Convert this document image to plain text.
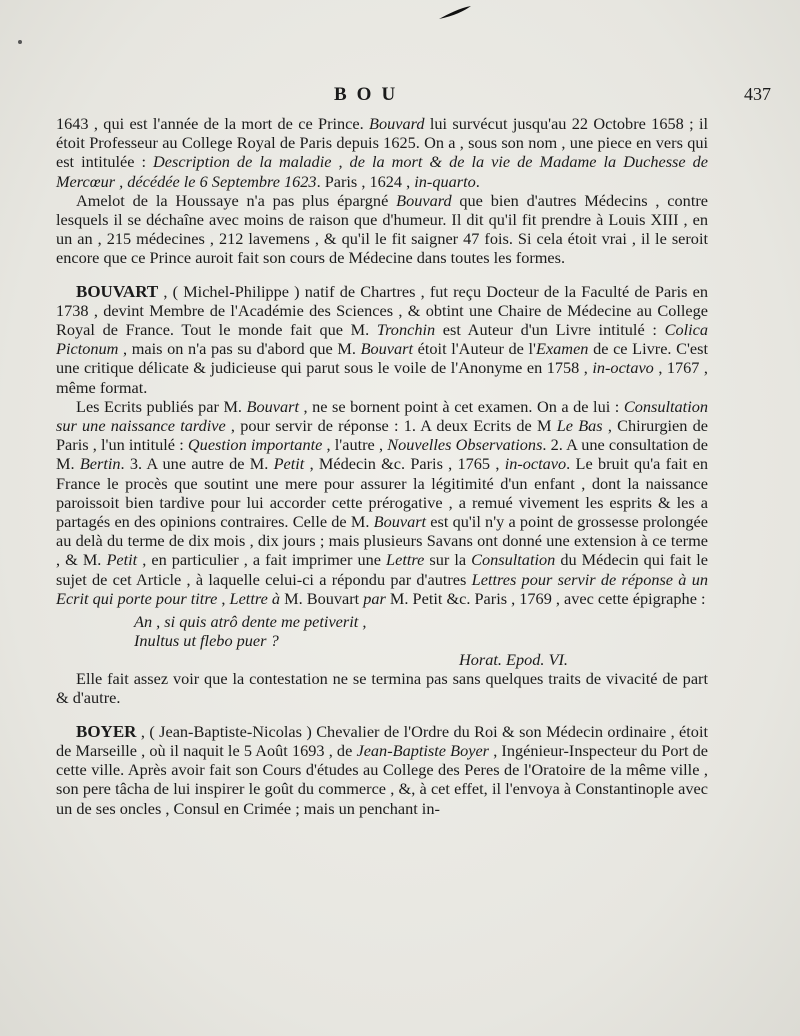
BOU	437

1643 , qui est l'année de la mort de ce Prince. Bouvard lui survécut jusqu'au 22 Octobre 1658 ; il étoit Professeur au College Royal de Paris depuis 1625. On a , sous son nom , une piece en vers qui est intitulée : Description de la maladie , de la mort & de la vie de Madame la Duchesse de Mercœur , décédée le 6 Septembre 1623. Paris , 1624 , in-quarto.

Amelot de la Houssaye n'a pas plus épargné Bouvard que bien d'autres Médecins , contre lesquels il se déchaîne avec moins de raison que d'humeur. Il dit qu'il fit prendre à Louis XIII , en un an , 215 médecines , 212 lavemens , & qu'il le fit saigner 47 fois. Si cela étoit vrai , il le seroit encore que ce Prince auroit fait son cours de Médecine dans toutes les formes.

BOUVART , ( Michel-Philippe ) natif de Chartres , fut reçu Docteur de la Faculté de Paris en 1738 , devint Membre de l'Académie des Sciences , & obtint une Chaire de Médecine au College Royal de France. Tout le monde fait que M. Tronchin est Auteur d'un Livre intitulé : Colica Pictonum , mais on n'a pas su d'abord que M. Bouvart étoit l'Auteur de l'Examen de ce Livre. C'est une critique délicate & judicieuse qui parut sous le voile de l'Anonyme en 1758 , in-octavo , 1767 , même format.

Les Ecrits publiés par M. Bouvart , ne se bornent point à cet examen. On a de lui : Consultation sur une naissance tardive , pour servir de réponse : 1. A deux Ecrits de M Le Bas , Chirurgien de Paris , l'un intitulé : Question importante , l'autre , Nouvelles Observations. 2. A une consultation de M. Bertin. 3. A une autre de M. Petit , Médecin &c. Paris , 1765 , in-octavo. Le bruit qu'a fait en France le procès que soutint une mere pour assurer la légitimité d'un enfant , dont la naissance paroissoit bien tardive pour lui accorder cette prérogative , a remué vivement les esprits & les a partagés en des opinions contraires. Celle de M. Bouvart est qu'il n'y a point de grossesse prolongée au delà du terme de dix mois , dix jours ; mais plusieurs Savans ont donné une extension à ce terme , & M. Petit , en particulier , a fait imprimer une Lettre sur la Consultation du Médecin qui fait le sujet de cet Article , à laquelle celui-ci a répondu par d'autres Lettres pour servir de réponse à un Ecrit qui porte pour titre , Lettre à M. Bouvart par M. Petit &c. Paris , 1769 , avec cette épigraphe :

An , si quis atrô dente me petiverit ,
Inultus ut flebo puer ?

Horat. Epod. VI.

Elle fait assez voir que la contestation ne se termina pas sans quelques traits de vivacité de part & d'autre.

BOYER , ( Jean-Baptiste-Nicolas ) Chevalier de l'Ordre du Roi & son Médecin ordinaire , étoit de Marseille , où il naquit le 5 Août 1693 , de Jean-Baptiste Boyer , Ingénieur-Inspecteur du Port de cette ville. Après avoir fait son Cours d'études au College des Peres de l'Oratoire de la même ville , son pere tâcha de lui inspirer le goût du commerce , &, à cet effet, il l'envoya à Constantinople avec un de ses oncles , Consul en Crimée ; mais un penchant in-
